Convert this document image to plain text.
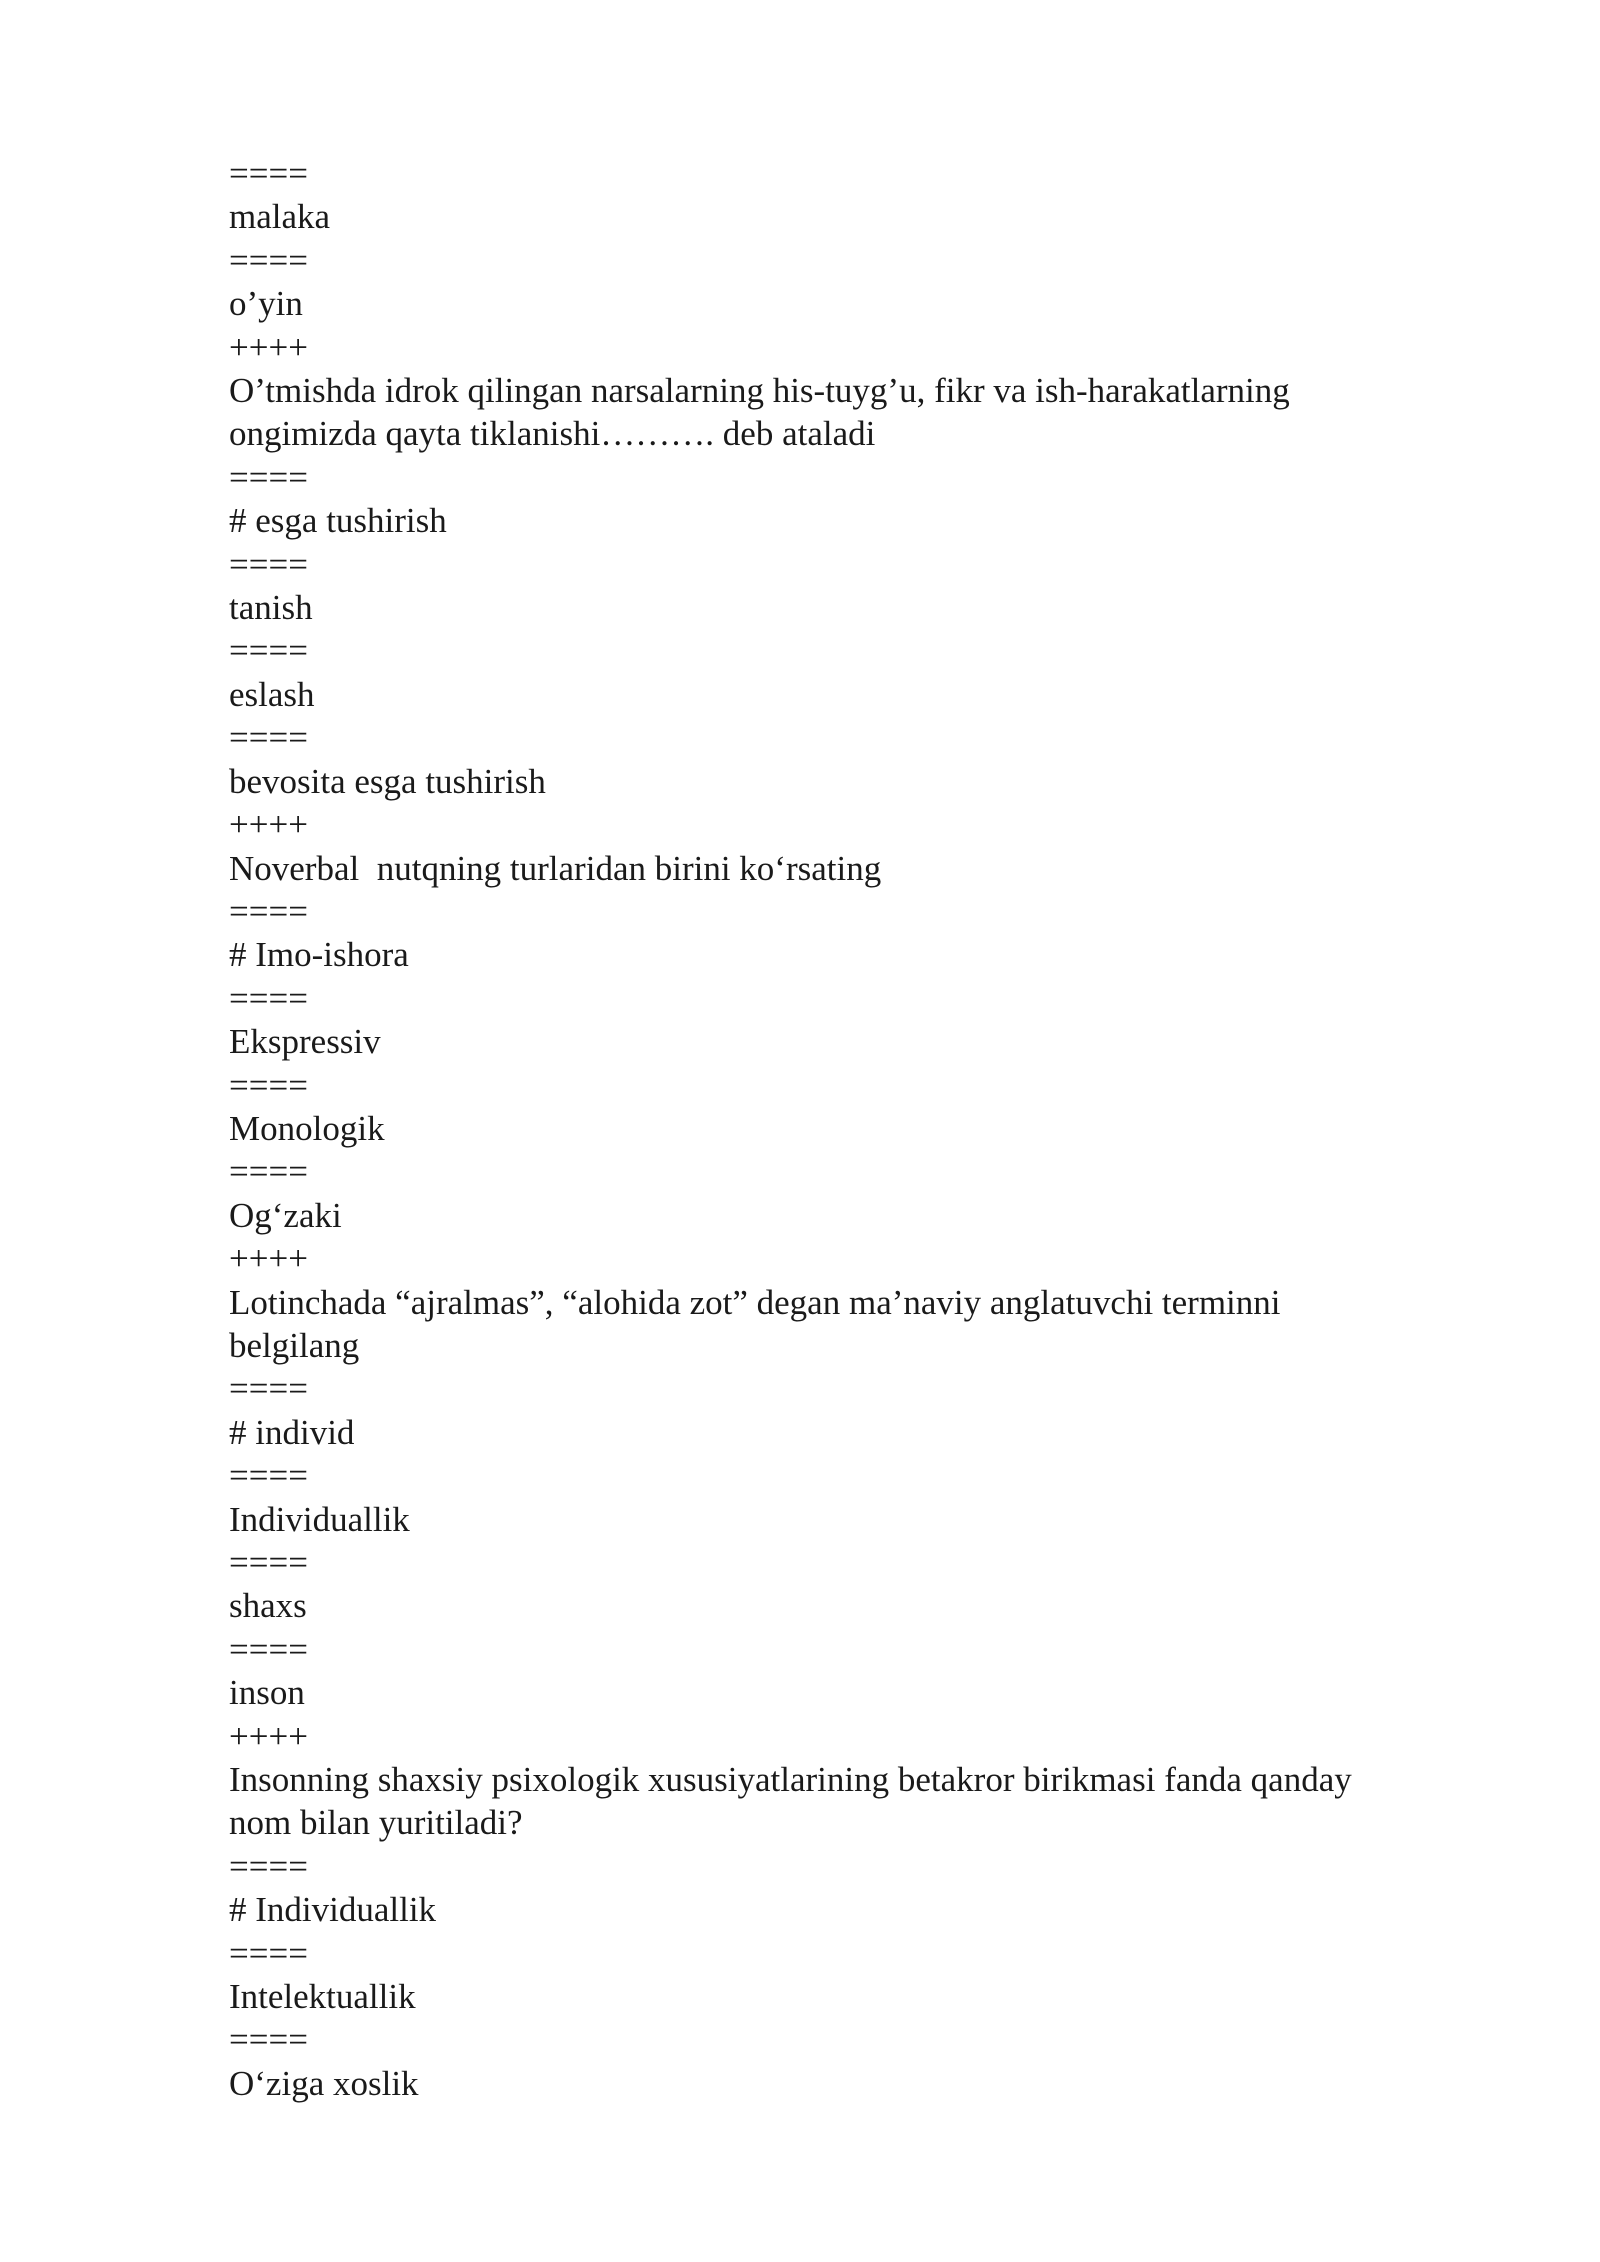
====
malaka
====
o’yin
++++
O’tmishda idrok qilingan narsalarning his-tuyg’u, fikr va ish-harakatlarning
ongimizda qayta tiklanishi………. deb ataladi
====
# esga tushirish
====
tanish
====
eslash
====
bevosita esga tushirish
++++
Noverbal  nutqning turlaridan birini koʻrsating
====
# Imo-ishora
====
Ekspressiv
====
Monologik
====
Ogʻzaki
++++
Lotinchada “ajralmas”, “alohida zot” degan ma’naviy anglatuvchi terminni
belgilang
====
# individ
====
Individuallik
====
shaxs
====
inson
++++
Insonning shaxsiy psixologik xususiyatlarining betakror birikmasi fanda qanday
nom bilan yuritiladi?
====
# Individuallik
====
Intelektuallik
====
Oʻziga xoslik
